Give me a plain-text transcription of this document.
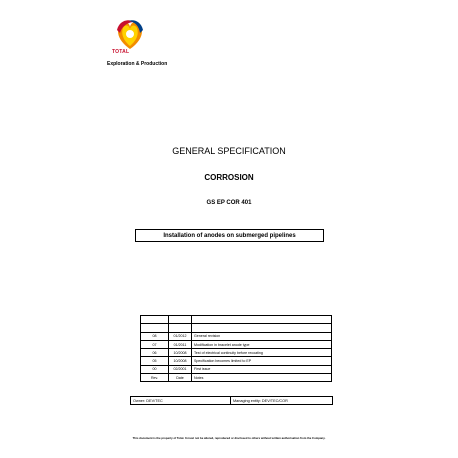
TOTAL
Exploration & Production
GENERAL SPECIFICATION
CORROSION
GS EP COR 401
Installation of anodes on submerged pipelines

08	01/2012	General revision
07	01/2011	Modification in bracelet anode type
06	10/2008	Test of electrical continuity before recoating
05	10/2008	Specification becomes limited to EP
00	02/2001	First issue
Rev.	Date	Notes
Owner: DEV/TEC	Managing entity: DEV/TEC/COR
This document is the property of Total. It must not be altered, reproduced or disclosed to others without written authorisation from the Company.
